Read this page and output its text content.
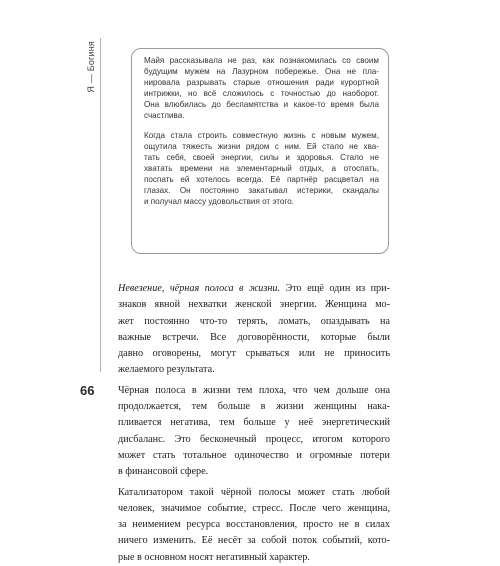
Я — Богиня
66

Майя рассказывала не раз, как познакомилась со своим
будущим мужем на Лазурном побережье. Она не пла-
нировала разрывать старые отношения ради курортной
интрижки, но всё сложилось с точностью до наоборот.
Она влюбилась до беспамятства и какое-то время была
счастлива.

Когда стала строить совместную жизнь с новым мужем,
ощутила тяжесть жизни рядом с ним. Ей стало не хва-
тать себя, своей энергии, силы и здоровья. Стало не
хватать времени на элементарный отдых, а отоспать,
поспать ей хотелось всегда. Её партнёр расцветал на
глазах. Он постоянно закатывал истерики, скандалы
и получал массу удовольствия от этого.

Невезение, чёрная полоса в жизни. Это ещё один из при-
знаков явной нехватки женской энергии. Женщина мо-
жет постоянно что-то терять, ломать, опаздывать на
важные встречи. Все договорённости, которые были
давно оговорены, могут срываться или не приносить
желаемого результата.

Чёрная полоса в жизни тем плоха, что чем дольше она
продолжается, тем больше в жизни женщины нака-
пливается негатива, тем больше у неё энергетический
дисбаланс. Это бесконечный процесс, итогом которого
может стать тотальное одиночество и огромные потери
в финансовой сфере.

Катализатором такой чёрной полосы может стать любой
человек, значимое событие, стресс. После чего женщина,
за неимением ресурса восстановления, просто не в силах
ничего изменить. Её несёт за собой поток событий, кото-
рые в основном носят негативный характер.
